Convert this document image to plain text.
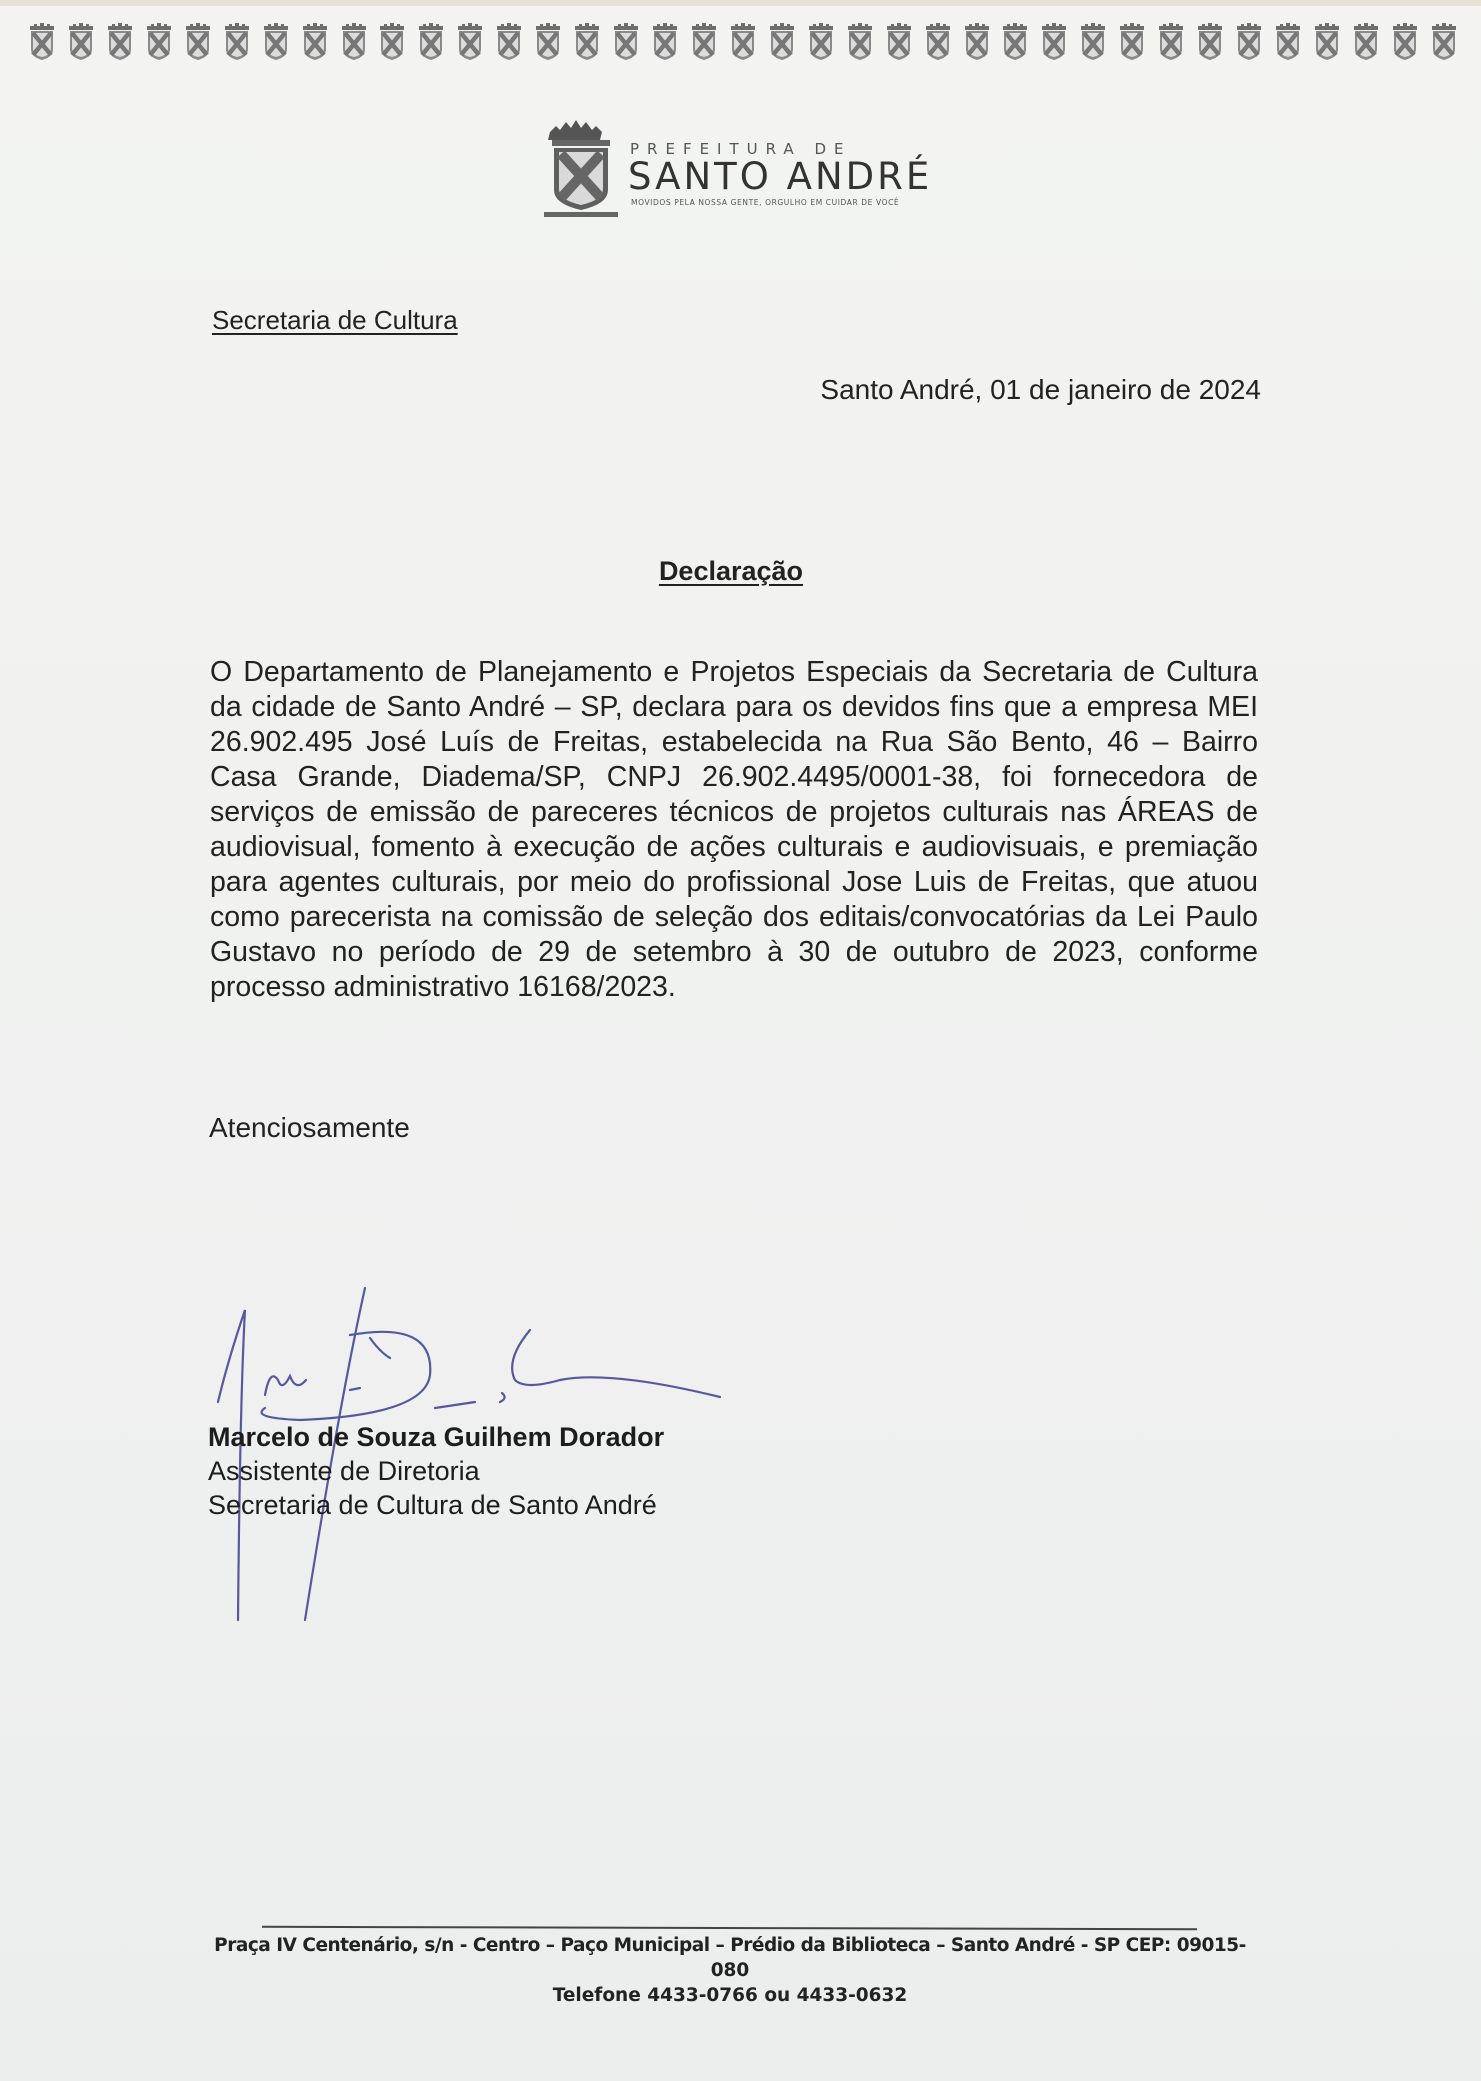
PREFEITURA DE
SANTO ANDRÉ
MOVIDOS PELA NOSSA GENTE, ORGULHO EM CUIDAR DE VOCÊ
Secretaria de Cultura
Santo André, 01 de janeiro de 2024
Declaração
O Departamento de Planejamento e Projetos Especiais da Secretaria de Cultura da cidade de Santo André – SP, declara para os devidos fins que a empresa MEI 26.902.495 José Luís de Freitas, estabelecida na Rua São Bento, 46 – Bairro Casa Grande, Diadema/SP, CNPJ 26.902.4495/0001-38, foi fornecedora de serviços de emissão de pareceres técnicos de projetos culturais nas ÁREAS de audiovisual, fomento à execução de ações culturais e audiovisuais, e premiação para agentes culturais, por meio do profissional Jose Luis de Freitas, que atuou como parecerista na comissão de seleção dos editais/convocatórias da Lei Paulo Gustavo no período de 29 de setembro à 30 de outubro de 2023, conforme processo administrativo 16168/2023.
Atenciosamente
Marcelo de Souza Guilhem Dorador
Assistente de Diretoria
Secretaria de Cultura de Santo André
Praça IV Centenário, s/n - Centro – Paço Municipal – Prédio da Biblioteca – Santo André - SP CEP: 09015-
080
Telefone 4433-0766 ou 4433-0632
